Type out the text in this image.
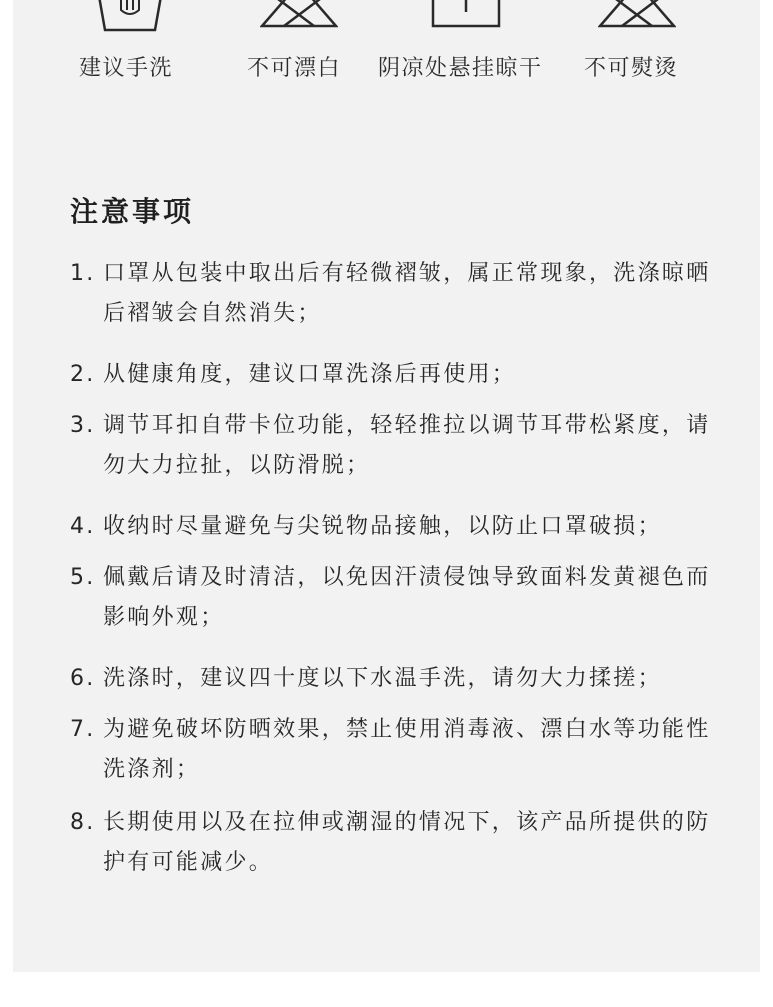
建议手洗	不可漂白 阴凉处悬挂晾干 不可熨烫
注意事项
1. 口罩从包装中取出后有轻微褶皱，属正常现象，洗涤晾晒后褶皱会自然消失；
2. 从健康角度，建议口罩洗涤后再使用；
3. 调节耳扣自带卡位功能，轻轻推拉以调节耳带松紧度，请勿大力拉扯，以防滑脱；
4. 收纳时尽量避免与尖锐物品接触，以防止口罩破损；
5. 佩戴后请及时清洁，以免因汗渍侵蚀导致面料发黄褪色而影响外观；
6. 洗涤时，建议四十度以下水温手洗，请勿大力揉搓；
7. 为避免破坏防晒效果，禁止使用消毒液、漂白水等功能性洗涤剂；
8. 长期使用以及在拉伸或潮湿的情况下，该产品所提供的防护有可能减少。
